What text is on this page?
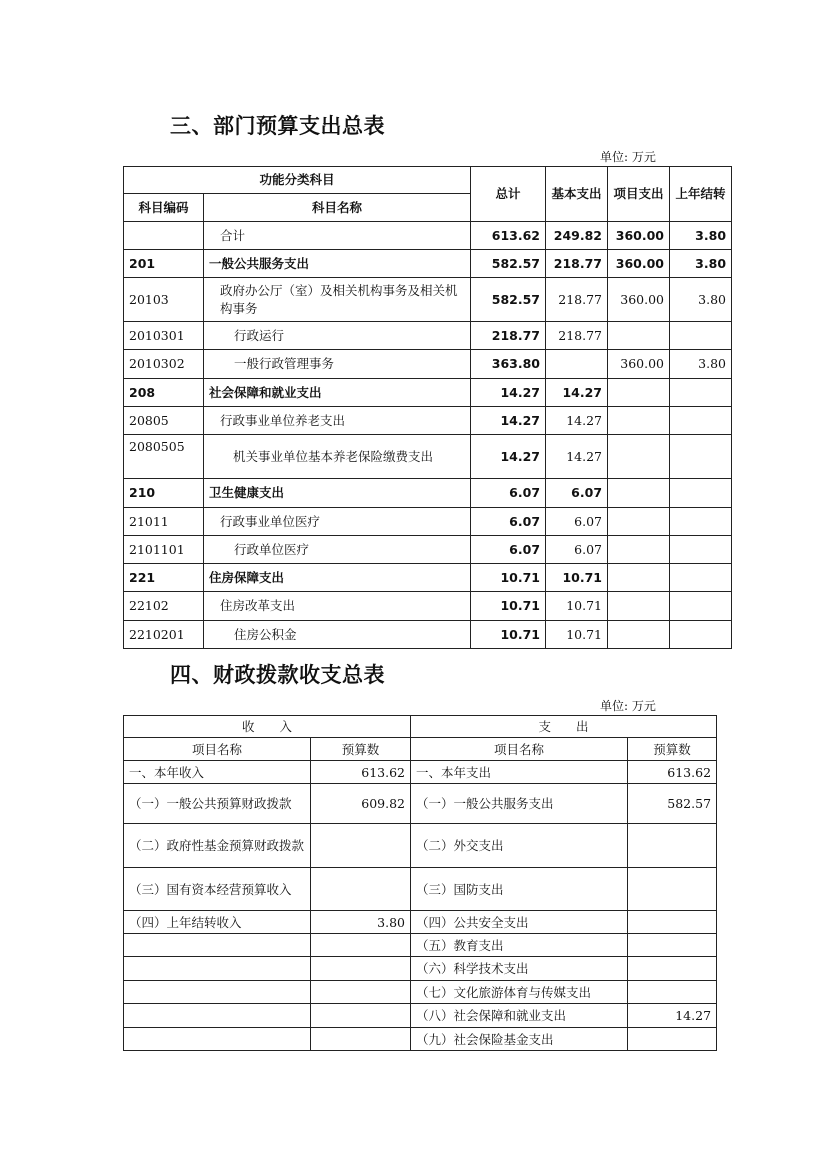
三、部门预算支出总表
单位: 万元
功能分类科目		总计	基本支出	项目支出	上年结转
科目编码	科目名称				
	合计	613.62	249.82	360.00	3.80
201	一般公共服务支出	582.57	218.77	360.00	3.80
20103	政府办公厅（室）及相关机构事务及相关机构事务	582.57	218.77	360.00	3.80
2010301	行政运行	218.77	218.77		
2010302	一般行政管理事务	363.80		360.00	3.80
208	社会保障和就业支出	14.27	14.27		
20805	行政事业单位养老支出	14.27	14.27		
2080505	机关事业单位基本养老保险缴费支出	14.27	14.27		
210	卫生健康支出	6.07	6.07		
21011	行政事业单位医疗	6.07	6.07		
2101101	行政单位医疗	6.07	6.07		
221	住房保障支出	10.71	10.71		
22102	住房改革支出	10.71	10.71		
2210201	住房公积金	10.71	10.71		
四、财政拨款收支总表
单位: 万元
收　　入		支　　出	
项目名称	预算数	项目名称	预算数
一、本年收入	613.62	一、本年支出	613.62
（一）一般公共预算财政拨款	609.82	（一）一般公共服务支出	582.57
（二）政府性基金预算财政拨款		（二）外交支出	
（三）国有资本经营预算收入		（三）国防支出	
（四）上年结转收入	3.80	（四）公共安全支出	
		（五）教育支出	
		（六）科学技术支出	
		（七）文化旅游体育与传媒支出	
		（八）社会保障和就业支出	14.27
		（九）社会保险基金支出	
